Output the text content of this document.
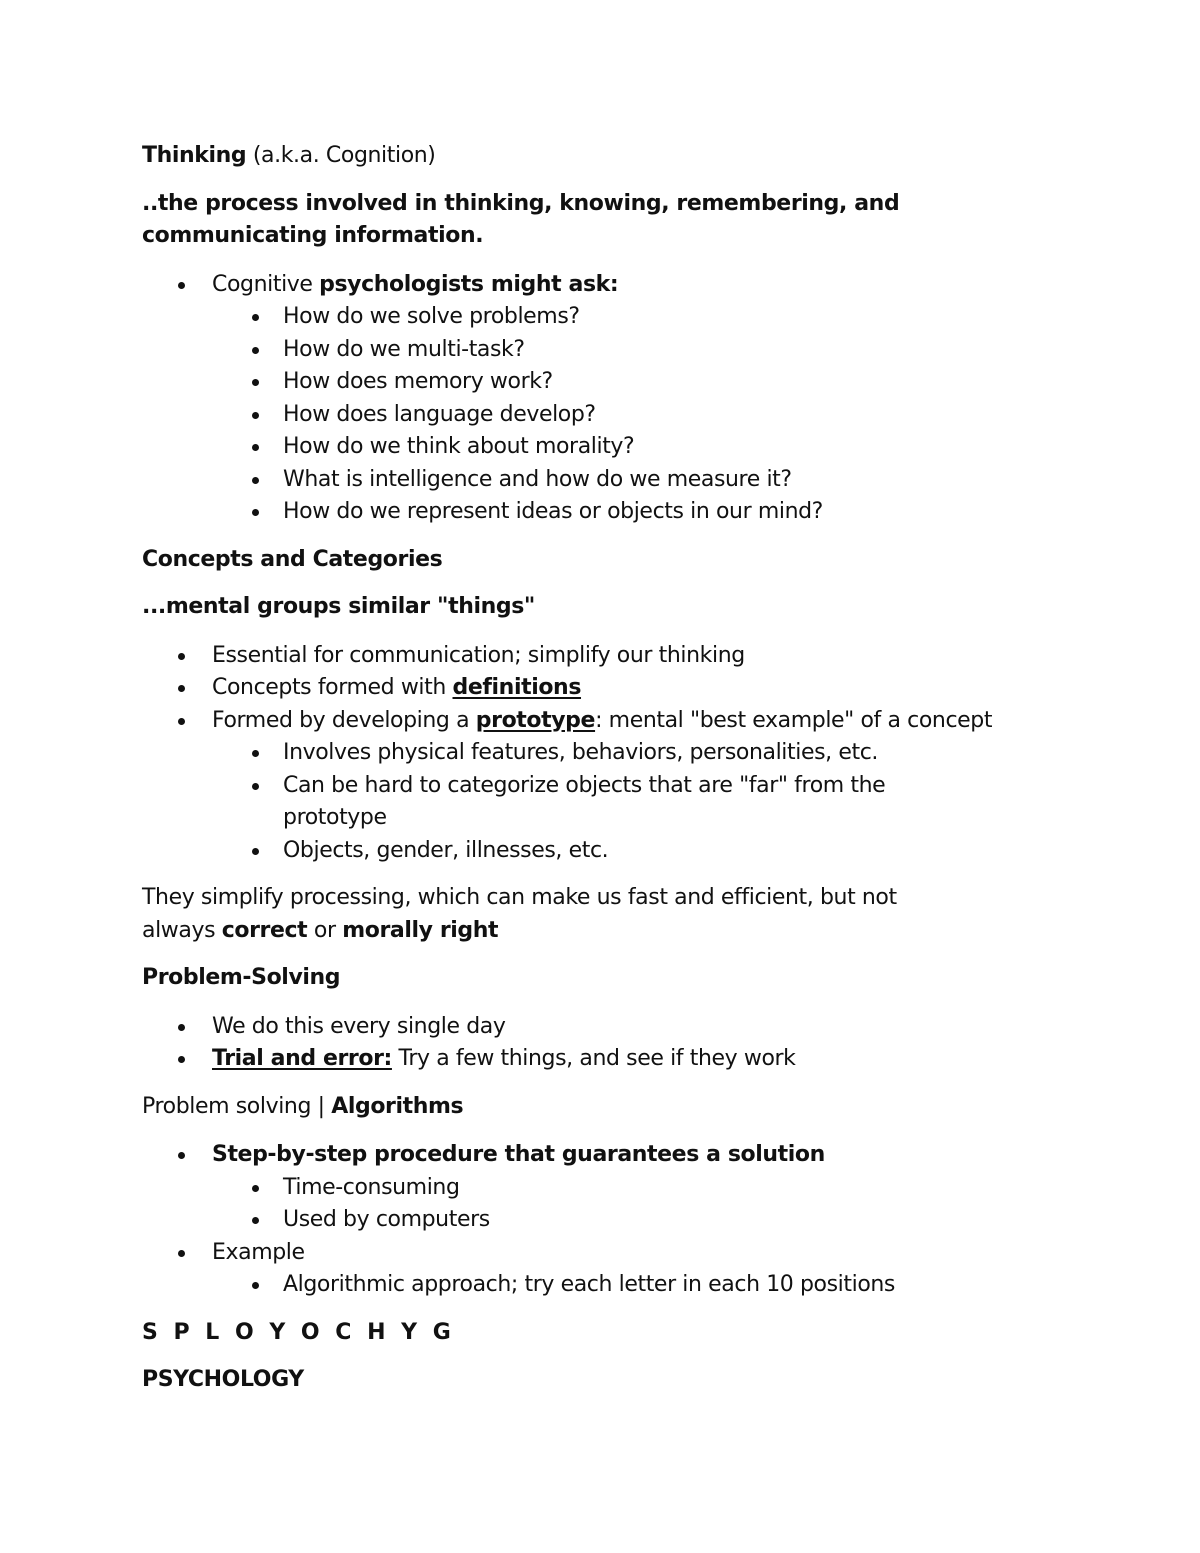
Thinking (a.k.a. Cognition)

..the process involved in thinking, knowing, remembering, and

communicating information.

Cognitive psychologists might ask:
How do we solve problems?
How do we multi-task?
How does memory work?
How does language develop?
How do we think about morality?
What is intelligence and how do we measure it?
How do we represent ideas or objects in our mind?

Concepts and Categories

...mental groups similar "things"

Essential for communication; simplify our thinking
Concepts formed with definitions
Formed by developing a prototype: mental "best example" of a concept
Involves physical features, behaviors, personalities, etc.
Can be hard to categorize objects that are "far" from the prototype
Objects, gender, illnesses, etc.

They simplify processing, which can make us fast and efficient, but not

always correct or morally right

Problem-Solving

We do this every single day
Trial and error: Try a few things, and see if they work

Problem solving | Algorithms

Step-by-step procedure that guarantees a solution
Time-consuming
Used by computers
Example
Algorithmic approach; try each letter in each 10 positions

S P L O Y O C H Y G

PSYCHOLOGY
